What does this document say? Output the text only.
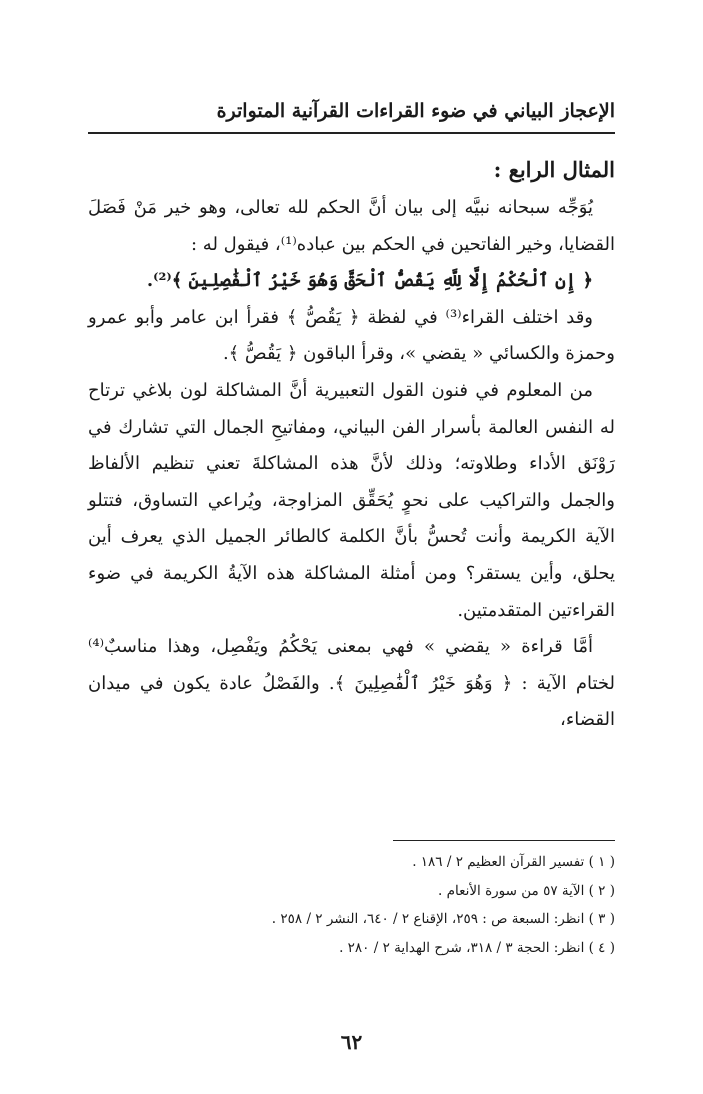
الإعجاز البياني في ضوء القراءات القرآنية المتواترة
المثال الرابع :

يُوَجِّه سبحانه نبيَّه إلى بيان أنَّ الحكم لله تعالى، وهو خير مَنْ فَصَلَ القضايا، وخير الفاتحين في الحكم بين عباده⁽¹⁾، فيقول له :

﴿ إِنِ ٱلْحُكْمُ إِلَّا لِلَّهِ يَقُصُّ ٱلْحَقَّ وَهُوَ خَيْرُ ٱلْفَٰصِلِينَ ﴾⁽²⁾.

وقد اختلف القراء⁽³⁾ في لفظة ﴿ يَقُصُّ ﴾ فقرأ ابن عامر وأبو عمرو وحمزة والكسائي « يقضي »، وقرأ الباقون ﴿ يَقُصُّ ﴾.

من المعلوم في فنون القول التعبيرية أنَّ المشاكلة لون بلاغي ترتاح له النفس العالمة بأسرار الفن البياني، ومفاتيحِ الجمال التي تشارك في رَوْنَق الأداء وطلاوته؛ وذلك لأنَّ هذه المشاكلةَ تعني تنظيم الألفاظ والجمل والتراكيب على نحوٍ يُحَقِّق المزاوجة، ويُراعي التساوق، فتتلو الآية الكريمة وأنت تُحسُّ بأنَّ الكلمة كالطائر الجميل الذي يعرف أين يحلق، وأين يستقر؟ ومن أمثلة المشاكلة هذه الآيةُ الكريمة في ضوء القراءتين المتقدمتين.

أمَّا قراءة « يقضي » فهي بمعنى يَحْكُمُ ويَفْصِل، وهذا مناسبٌ⁽⁴⁾ لختام الآية : ﴿ وَهُوَ خَيْرُ ٱلْفَٰصِلِينَ ﴾. والفَصْلُ عادة يكون في ميدان القضاء،

( ١ ) تفسير القرآن العظيم ٢ / ١٨٦ .

( ٢ ) الآية ٥٧ من سورة الأنعام .

( ٣ ) انظر: السبعة ص : ٢٥٩، الإقناع ٢ / ٦٤٠، النشر ٢ / ٢٥٨ .

( ٤ ) انظر: الحجة ٣ / ٣١٨، شرح الهداية ٢ / ٢٨٠ .

٦٢
